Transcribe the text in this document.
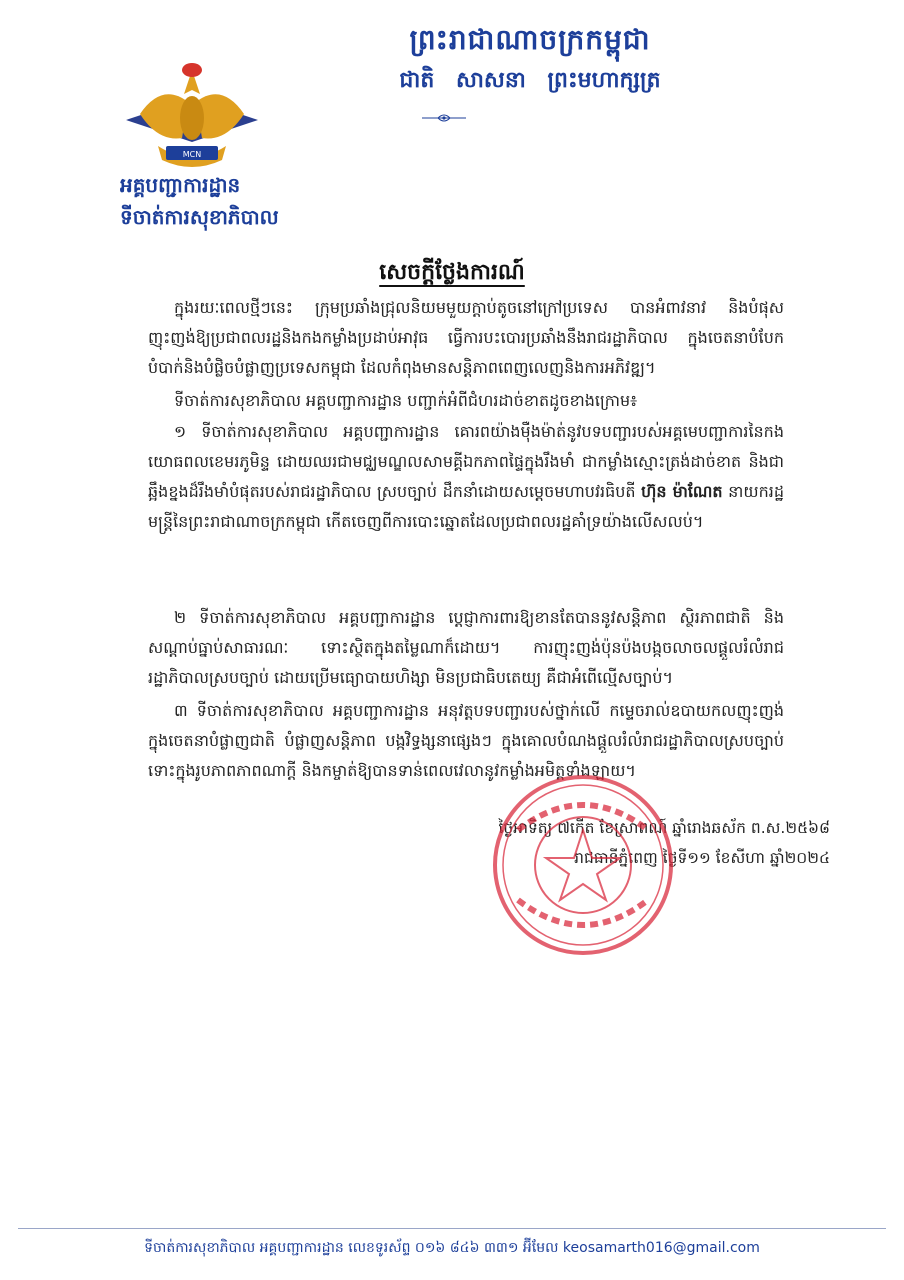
ព្រះរាជាណាចក្រកម្ពុជា
ជាតិ សាសនា ព្រះមហាក្សត្រ
MCN
អគ្គបញ្ជាការដ្ឋាន
ទីចាត់ការសុខាភិបាល
សេចក្តីថ្លែងការណ៍
ក្នុងរយៈពេលថ្មីៗនេះ ក្រុមប្រឆាំងជ្រុលនិយមមួយក្តាប់តូចនៅក្រៅប្រទេស បានអំពាវនាវ និងបំផុសញុះញង់ឱ្យប្រជាពលរដ្ឋនិងកងកម្លាំងប្រដាប់អាវុធ ធ្វើការបះបោរប្រឆាំងនឹងរាជរដ្ឋាភិបាល ក្នុងចេតនាបំបែកបំបាក់និងបំផ្លិចបំផ្លាញប្រទេសកម្ពុជា ដែលកំពុងមានសន្តិភាពពេញលេញនិងការអភិវឌ្ឍ។
ទីចាត់ការសុខាភិបាល អគ្គបញ្ជាការដ្ឋាន បញ្ជាក់អំពីជំហរដាច់ខាតដូចខាងក្រោម៖
១ ទីចាត់ការសុខាភិបាល អគ្គបញ្ជាការដ្ឋាន គោរពយ៉ាងម៉ឺងម៉ាត់នូវបទបញ្ជារបស់អគ្គមេបញ្ជាការនៃកងយោធពលខេមរភូមិន្ទ ដោយឈរជាមជ្ឈមណ្ឌលសាមគ្គីឯកភាពផ្ទៃក្នុងរឹងមាំ ជាកម្លាំងស្មោះត្រង់ដាច់ខាត និងជាឆ្អឹងខ្នងដ៏រឹងមាំបំផុតរបស់រាជរដ្ឋាភិបាល ស្របច្បាប់ ដឹកនាំដោយសម្តេចមហាបវរធិបតី ហ៊ុន ម៉ាណែត នាយករដ្ឋមន្ត្រីនៃព្រះរាជាណាចក្រកម្ពុជា កើតចេញពីការបោះឆ្នោតដែលប្រជាពលរដ្ឋគាំទ្រយ៉ាងលើសលប់។
២ ទីចាត់ការសុខាភិបាល អគ្គបញ្ជាការដ្ឋាន ប្តេជ្ញាការពារឱ្យខានតែបាននូវសន្តិភាព ស្ថិរភាពជាតិ និងសណ្តាប់ធ្នាប់សាធារណៈ ទោះស្ថិតក្នុងតម្លៃណាក៏ដោយ។ ការញុះញង់ប៉ុនប៉ងបង្កចលាចលផ្តួលរំលំរាជរដ្ឋាភិបាលស្របច្បាប់ ដោយប្រើមធ្យោបាយហិង្សា មិនប្រជាធិបតេយ្យ គឺជាអំពើល្មើសច្បាប់។
៣ ទីចាត់ការសុខាភិបាល អគ្គបញ្ជាការដ្ឋាន អនុវត្តបទបញ្ជារបស់ថ្នាក់លើ កម្ទេចរាល់ឧបាយកលញុះញង់ក្នុងចេតនាបំផ្លាញជាតិ បំផ្លាញសន្តិភាព បង្កវិទ្ធង្សនាផ្សេងៗ ក្នុងគោលបំណងផ្តួលរំលំរាជរដ្ឋាភិបាលស្របច្បាប់ ទោះក្នុងរូបភាពភាពណាក្តី និងកម្ចាត់ឱ្យបានទាន់ពេលវេលានូវកម្លាំងអមិត្តទាំងឡាយ។
ថ្ងៃអាទិត្យ ៧កើត ខែស្រាពណ៍ ឆ្នាំរោងឆស័ក ព.ស.២៥៦៨
រាជធានីភ្នំពេញ ថ្ងៃទី១១ ខែសីហា ឆ្នាំ២០២៤
ទីចាត់ការសុខាភិបាល អគ្គបញ្ជាការដ្ឋាន លេខទូរស័ព្ទ ០១៦ ៨៤៦ ៣៣១ អ៊ីមែល keosamarth016@gmail.com
